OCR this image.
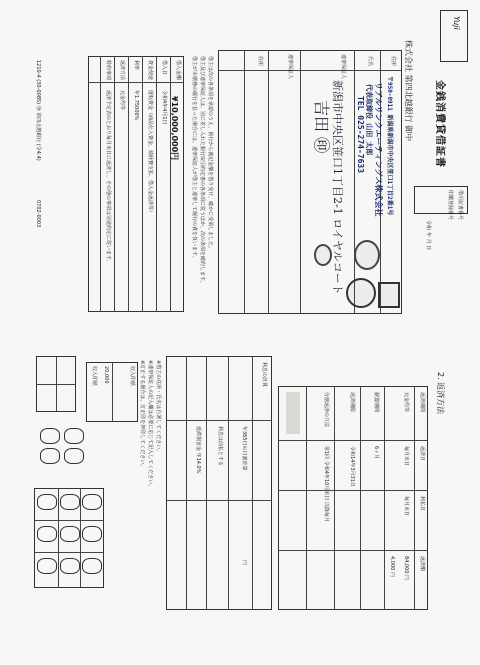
金銭消費貸借証書
株式会社 第四北越銀行 御中
Yuji
借用証書番号
印鑑登録番号
令和
年 月 日
住所
氏名
連帯保証人
連帯保証人
住所
〒950-0911 新潟県新潟市中央区笹口1丁目2番1号
リアルリンクエーティングス株式会社
代表取締役 山田 太郎
TEL 025-274-7633
新潟市中央区笹口1丁目2-1 ロイヤルコート
吉田 ㊞
借主は次の各条項を承認のうえ、貴行から後記金額を借り受け、確かに受領しました。
借主及び連帯保証人は、別に差し入れた銀行取引約定書の各条項に従うほか、次の条項を確約します。
借主が本債務の履行を怠った場合には、連帯保証人が借主と連帯して履行の責を負います。
借入金額
¥10,000,000円
借入日
令和4年4月1日
資金使途
運転資金（商品仕入資金、諸経費支払、借入金返済等）
利率
年1.75000%
返済方法
元金均等
特約事項
返済予定表のとおり毎月末日に返済し、その他の事項は別途約定に従います。
1210-4 (30-0085) ㊞ 第四北越銀行 (令4.4)
0702-0003
2. 返済方法
返済期間
返済日
利払日
返済額
元金均等
毎月末日
毎月末日
84,000 円
4,000 円
据置期間
6ヶ月
返済期限
令和14年3月31日
分割返済の方法
第1回 令和4年10月末日 以降毎月
利息の計算
年365日の日割計算
利息は前払とする
延滞損害金 年14.0%
円
※借主の住所・氏名は自署してください。
※連帯保証人の記入欄は必要に応じて記入してください。
※訂正する場合は、訂正印を押印してください。
収入印紙
20,000
収入印紙
